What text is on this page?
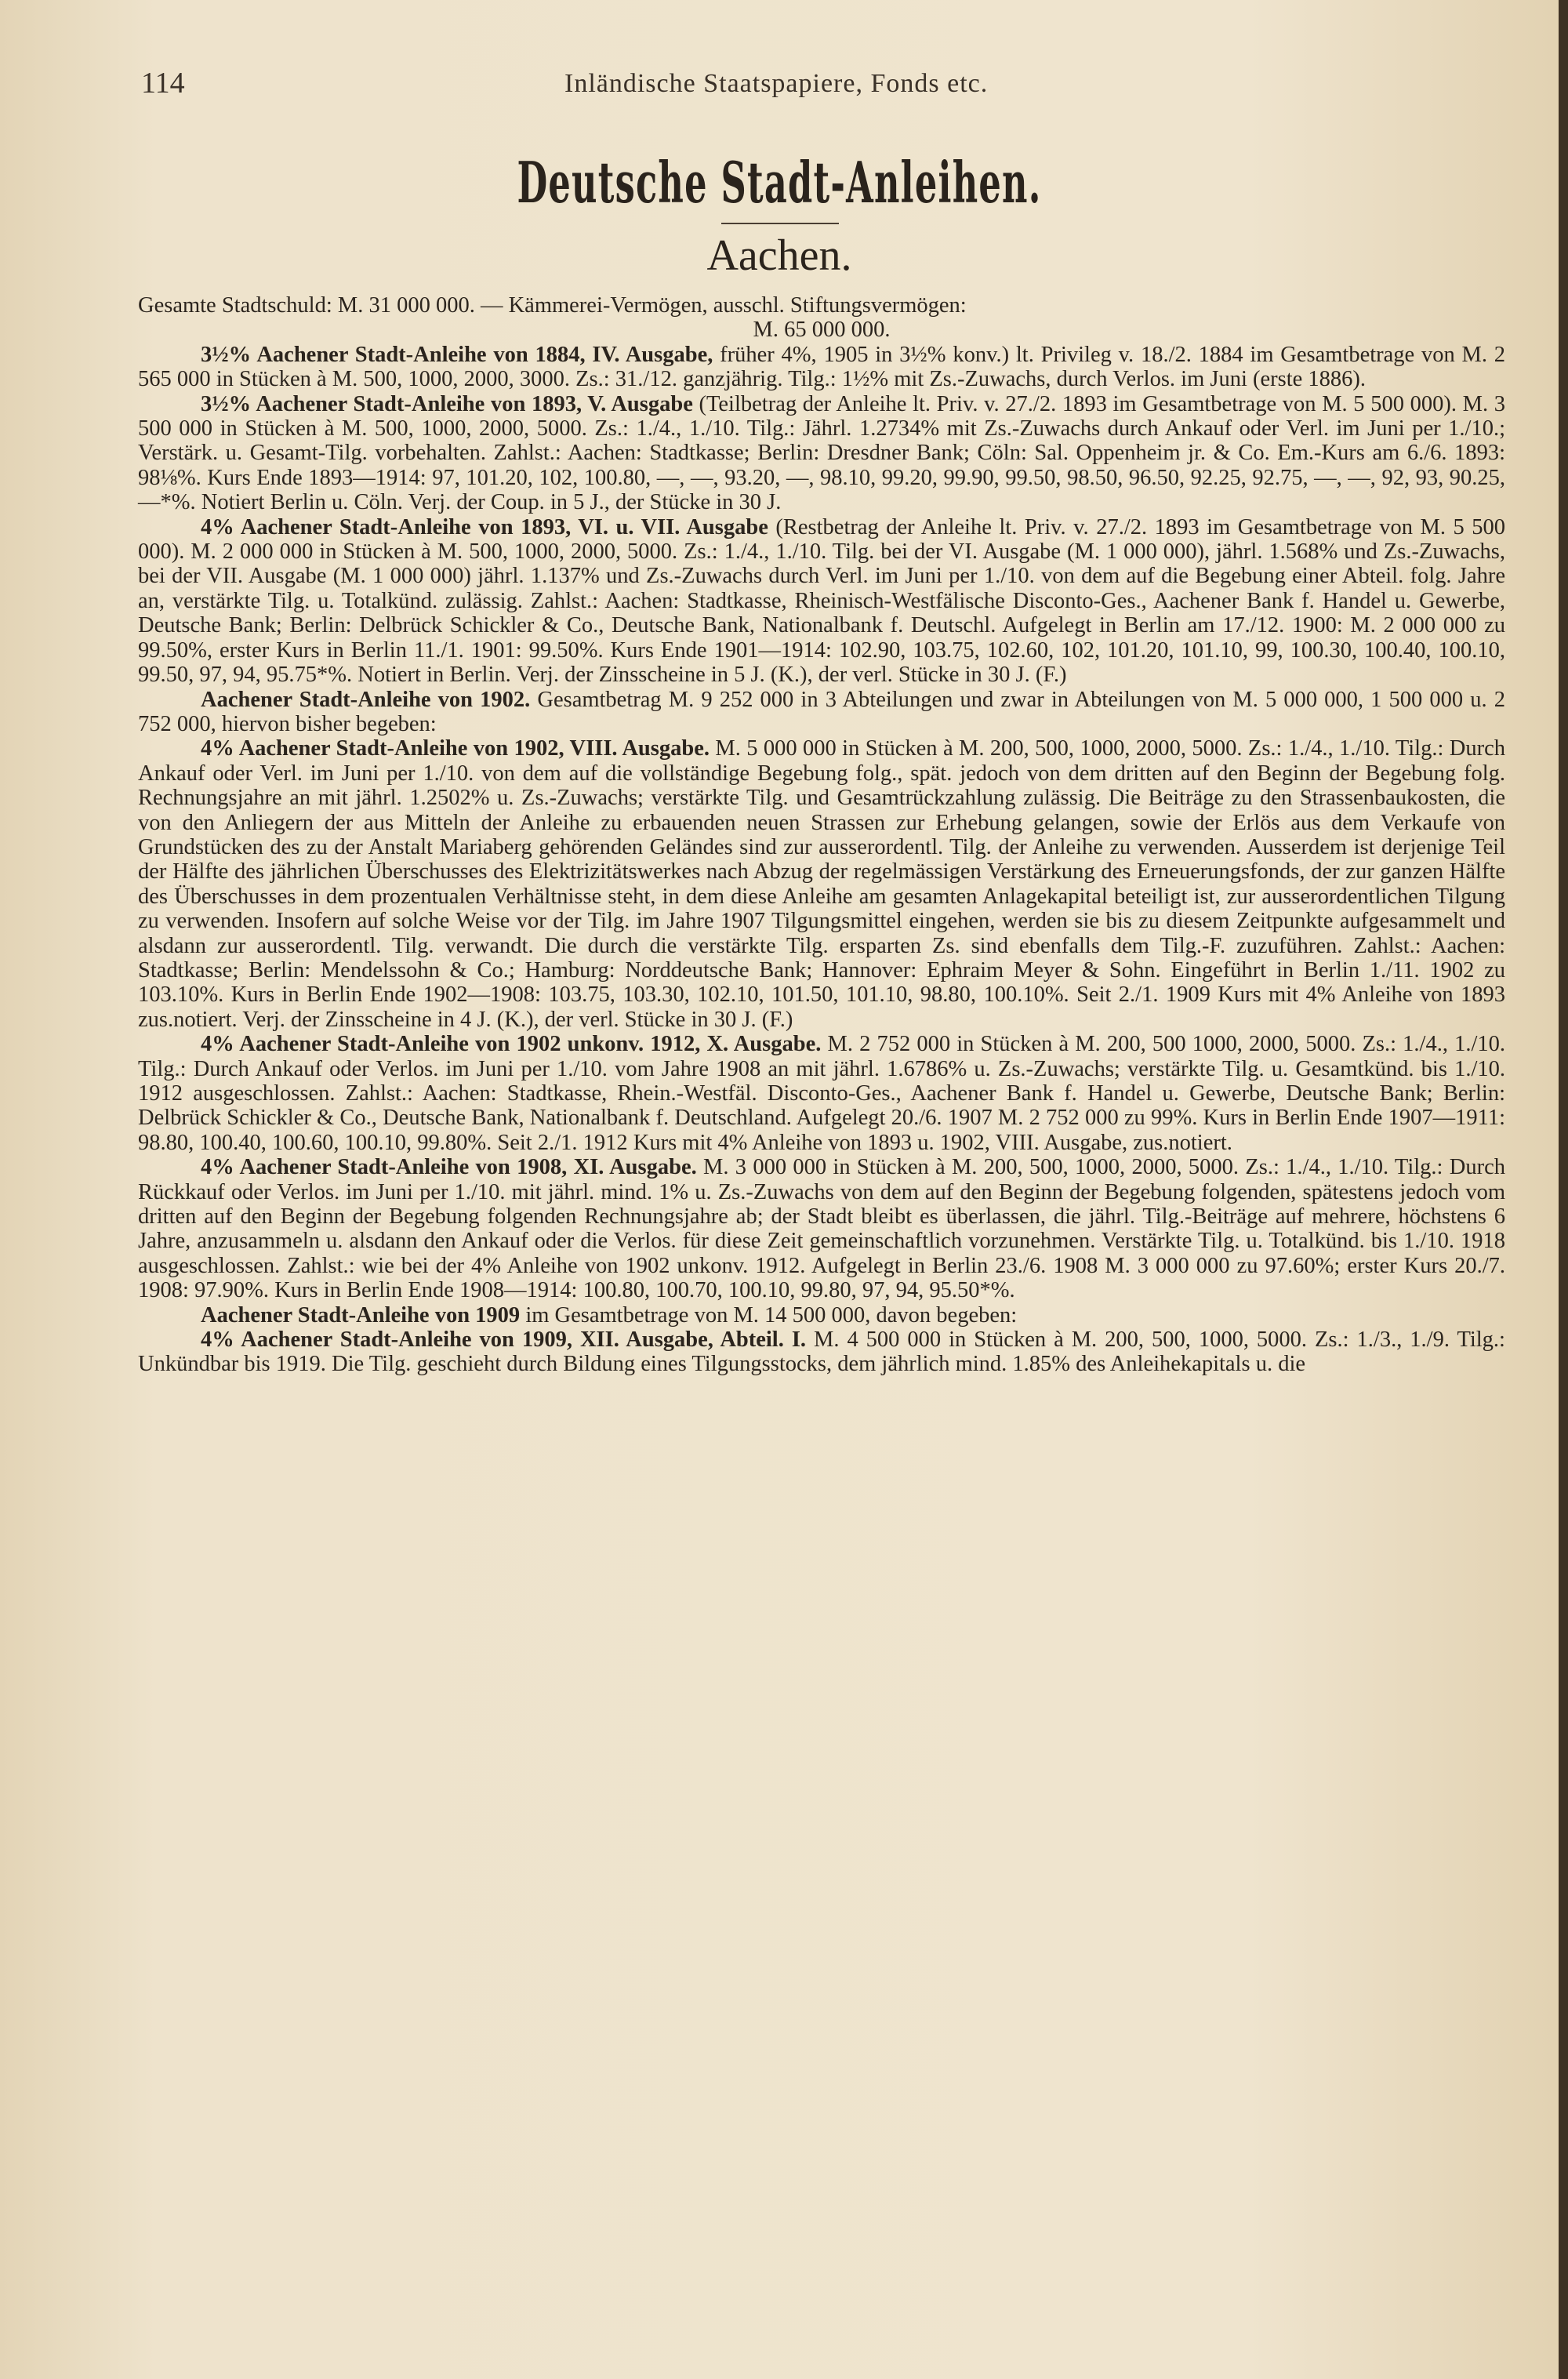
114	Inländische Staatspapiere, Fonds etc.
Deutsche Stadt-Anleihen.
Aachen.

Gesamte Stadtschuld: M. 31 000 000. — Kämmerei-Vermögen, ausschl. Stiftungsvermögen:

M. 65 000 000.

3½% Aachener Stadt-Anleihe von 1884, IV. Ausgabe, früher 4%, 1905 in 3½% konv.) lt. Privileg v. 18./2. 1884 im Gesamtbetrage von M. 2 565 000 in Stücken à M. 500, 1000, 2000, 3000. Zs.: 31./12. ganzjährig. Tilg.: 1½% mit Zs.-Zuwachs, durch Verlos. im Juni (erste 1886).

3½% Aachener Stadt-Anleihe von 1893, V. Ausgabe (Teilbetrag der Anleihe lt. Priv. v. 27./2. 1893 im Gesamtbetrage von M. 5 500 000). M. 3 500 000 in Stücken à M. 500, 1000, 2000, 5000. Zs.: 1./4., 1./10. Tilg.: Jährl. 1.2734% mit Zs.-Zuwachs durch Ankauf oder Verl. im Juni per 1./10.; Verstärk. u. Gesamt-Tilg. vorbehalten. Zahlst.: Aachen: Stadtkasse; Berlin: Dresdner Bank; Cöln: Sal. Oppenheim jr. & Co. Em.-Kurs am 6./6. 1893: 98⅛%. Kurs Ende 1893—1914: 97, 101.20, 102, 100.80, —, —, 93.20, —, 98.10, 99.20, 99.90, 99.50, 98.50, 96.50, 92.25, 92.75, —, —, 92, 93, 90.25, —*%. Notiert Berlin u. Cöln. Verj. der Coup. in 5 J., der Stücke in 30 J.

4% Aachener Stadt-Anleihe von 1893, VI. u. VII. Ausgabe (Restbetrag der Anleihe lt. Priv. v. 27./2. 1893 im Gesamtbetrage von M. 5 500 000). M. 2 000 000 in Stücken à M. 500, 1000, 2000, 5000. Zs.: 1./4., 1./10. Tilg. bei der VI. Ausgabe (M. 1 000 000), jährl. 1.568% und Zs.-Zuwachs, bei der VII. Ausgabe (M. 1 000 000) jährl. 1.137% und Zs.-Zuwachs durch Verl. im Juni per 1./10. von dem auf die Begebung einer Abteil. folg. Jahre an, verstärkte Tilg. u. Totalkünd. zulässig. Zahlst.: Aachen: Stadtkasse, Rheinisch-Westfälische Disconto-Ges., Aachener Bank f. Handel u. Gewerbe, Deutsche Bank; Berlin: Delbrück Schickler & Co., Deutsche Bank, Nationalbank f. Deutschl. Aufgelegt in Berlin am 17./12. 1900: M. 2 000 000 zu 99.50%, erster Kurs in Berlin 11./1. 1901: 99.50%. Kurs Ende 1901—1914: 102.90, 103.75, 102.60, 102, 101.20, 101.10, 99, 100.30, 100.40, 100.10, 99.50, 97, 94, 95.75*%. Notiert in Berlin. Verj. der Zinsscheine in 5 J. (K.), der verl. Stücke in 30 J. (F.)

Aachener Stadt-Anleihe von 1902. Gesamtbetrag M. 9 252 000 in 3 Abteilungen und zwar in Abteilungen von M. 5 000 000, 1 500 000 u. 2 752 000, hiervon bisher begeben:

4% Aachener Stadt-Anleihe von 1902, VIII. Ausgabe. M. 5 000 000 in Stücken à M. 200, 500, 1000, 2000, 5000. Zs.: 1./4., 1./10. Tilg.: Durch Ankauf oder Verl. im Juni per 1./10. von dem auf die vollständige Begebung folg., spät. jedoch von dem dritten auf den Beginn der Begebung folg. Rechnungsjahre an mit jährl. 1.2502% u. Zs.-Zuwachs; verstärkte Tilg. und Gesamtrückzahlung zulässig. Die Beiträge zu den Strassenbaukosten, die von den Anliegern der aus Mitteln der Anleihe zu erbauenden neuen Strassen zur Erhebung gelangen, sowie der Erlös aus dem Verkaufe von Grundstücken des zu der Anstalt Mariaberg gehörenden Geländes sind zur ausserordentl. Tilg. der Anleihe zu verwenden. Ausserdem ist derjenige Teil der Hälfte des jährlichen Überschusses des Elektrizitätswerkes nach Abzug der regelmässigen Verstärkung des Erneuerungsfonds, der zur ganzen Hälfte des Überschusses in dem prozentualen Verhältnisse steht, in dem diese Anleihe am gesamten Anlagekapital beteiligt ist, zur ausserordentlichen Tilgung zu verwenden. Insofern auf solche Weise vor der Tilg. im Jahre 1907 Tilgungsmittel eingehen, werden sie bis zu diesem Zeitpunkte aufgesammelt und alsdann zur ausserordentl. Tilg. verwandt. Die durch die verstärkte Tilg. ersparten Zs. sind ebenfalls dem Tilg.-F. zuzuführen. Zahlst.: Aachen: Stadtkasse; Berlin: Mendelssohn & Co.; Hamburg: Norddeutsche Bank; Hannover: Ephraim Meyer & Sohn. Eingeführt in Berlin 1./11. 1902 zu 103.10%. Kurs in Berlin Ende 1902—1908: 103.75, 103.30, 102.10, 101.50, 101.10, 98.80, 100.10%. Seit 2./1. 1909 Kurs mit 4% Anleihe von 1893 zus.notiert. Verj. der Zinsscheine in 4 J. (K.), der verl. Stücke in 30 J. (F.)

4% Aachener Stadt-Anleihe von 1902 unkonv. 1912, X. Ausgabe. M. 2 752 000 in Stücken à M. 200, 500 1000, 2000, 5000. Zs.: 1./4., 1./10. Tilg.: Durch Ankauf oder Verlos. im Juni per 1./10. vom Jahre 1908 an mit jährl. 1.6786% u. Zs.-Zuwachs; verstärkte Tilg. u. Gesamtkünd. bis 1./10. 1912 ausgeschlossen. Zahlst.: Aachen: Stadtkasse, Rhein.-Westfäl. Disconto-Ges., Aachener Bank f. Handel u. Gewerbe, Deutsche Bank; Berlin: Delbrück Schickler & Co., Deutsche Bank, Nationalbank f. Deutschland. Aufgelegt 20./6. 1907 M. 2 752 000 zu 99%. Kurs in Berlin Ende 1907—1911: 98.80, 100.40, 100.60, 100.10, 99.80%. Seit 2./1. 1912 Kurs mit 4% Anleihe von 1893 u. 1902, VIII. Ausgabe, zus.notiert.

4% Aachener Stadt-Anleihe von 1908, XI. Ausgabe. M. 3 000 000 in Stücken à M. 200, 500, 1000, 2000, 5000. Zs.: 1./4., 1./10. Tilg.: Durch Rückkauf oder Verlos. im Juni per 1./10. mit jährl. mind. 1% u. Zs.-Zuwachs von dem auf den Beginn der Begebung folgenden, spätestens jedoch vom dritten auf den Beginn der Begebung folgenden Rechnungsjahre ab; der Stadt bleibt es überlassen, die jährl. Tilg.-Beiträge auf mehrere, höchstens 6 Jahre, anzusammeln u. alsdann den Ankauf oder die Verlos. für diese Zeit gemeinschaftlich vorzunehmen. Verstärkte Tilg. u. Totalkünd. bis 1./10. 1918 ausgeschlossen. Zahlst.: wie bei der 4% Anleihe von 1902 unkonv. 1912. Aufgelegt in Berlin 23./6. 1908 M. 3 000 000 zu 97.60%; erster Kurs 20./7. 1908: 97.90%. Kurs in Berlin Ende 1908—1914: 100.80, 100.70, 100.10, 99.80, 97, 94, 95.50*%.

Aachener Stadt-Anleihe von 1909 im Gesamtbetrage von M. 14 500 000, davon begeben:

4% Aachener Stadt-Anleihe von 1909, XII. Ausgabe, Abteil. I. M. 4 500 000 in Stücken à M. 200, 500, 1000, 5000. Zs.: 1./3., 1./9. Tilg.: Unkündbar bis 1919. Die Tilg. geschieht durch Bildung eines Tilgungsstocks, dem jährlich mind. 1.85% des Anleihekapitals u. die
